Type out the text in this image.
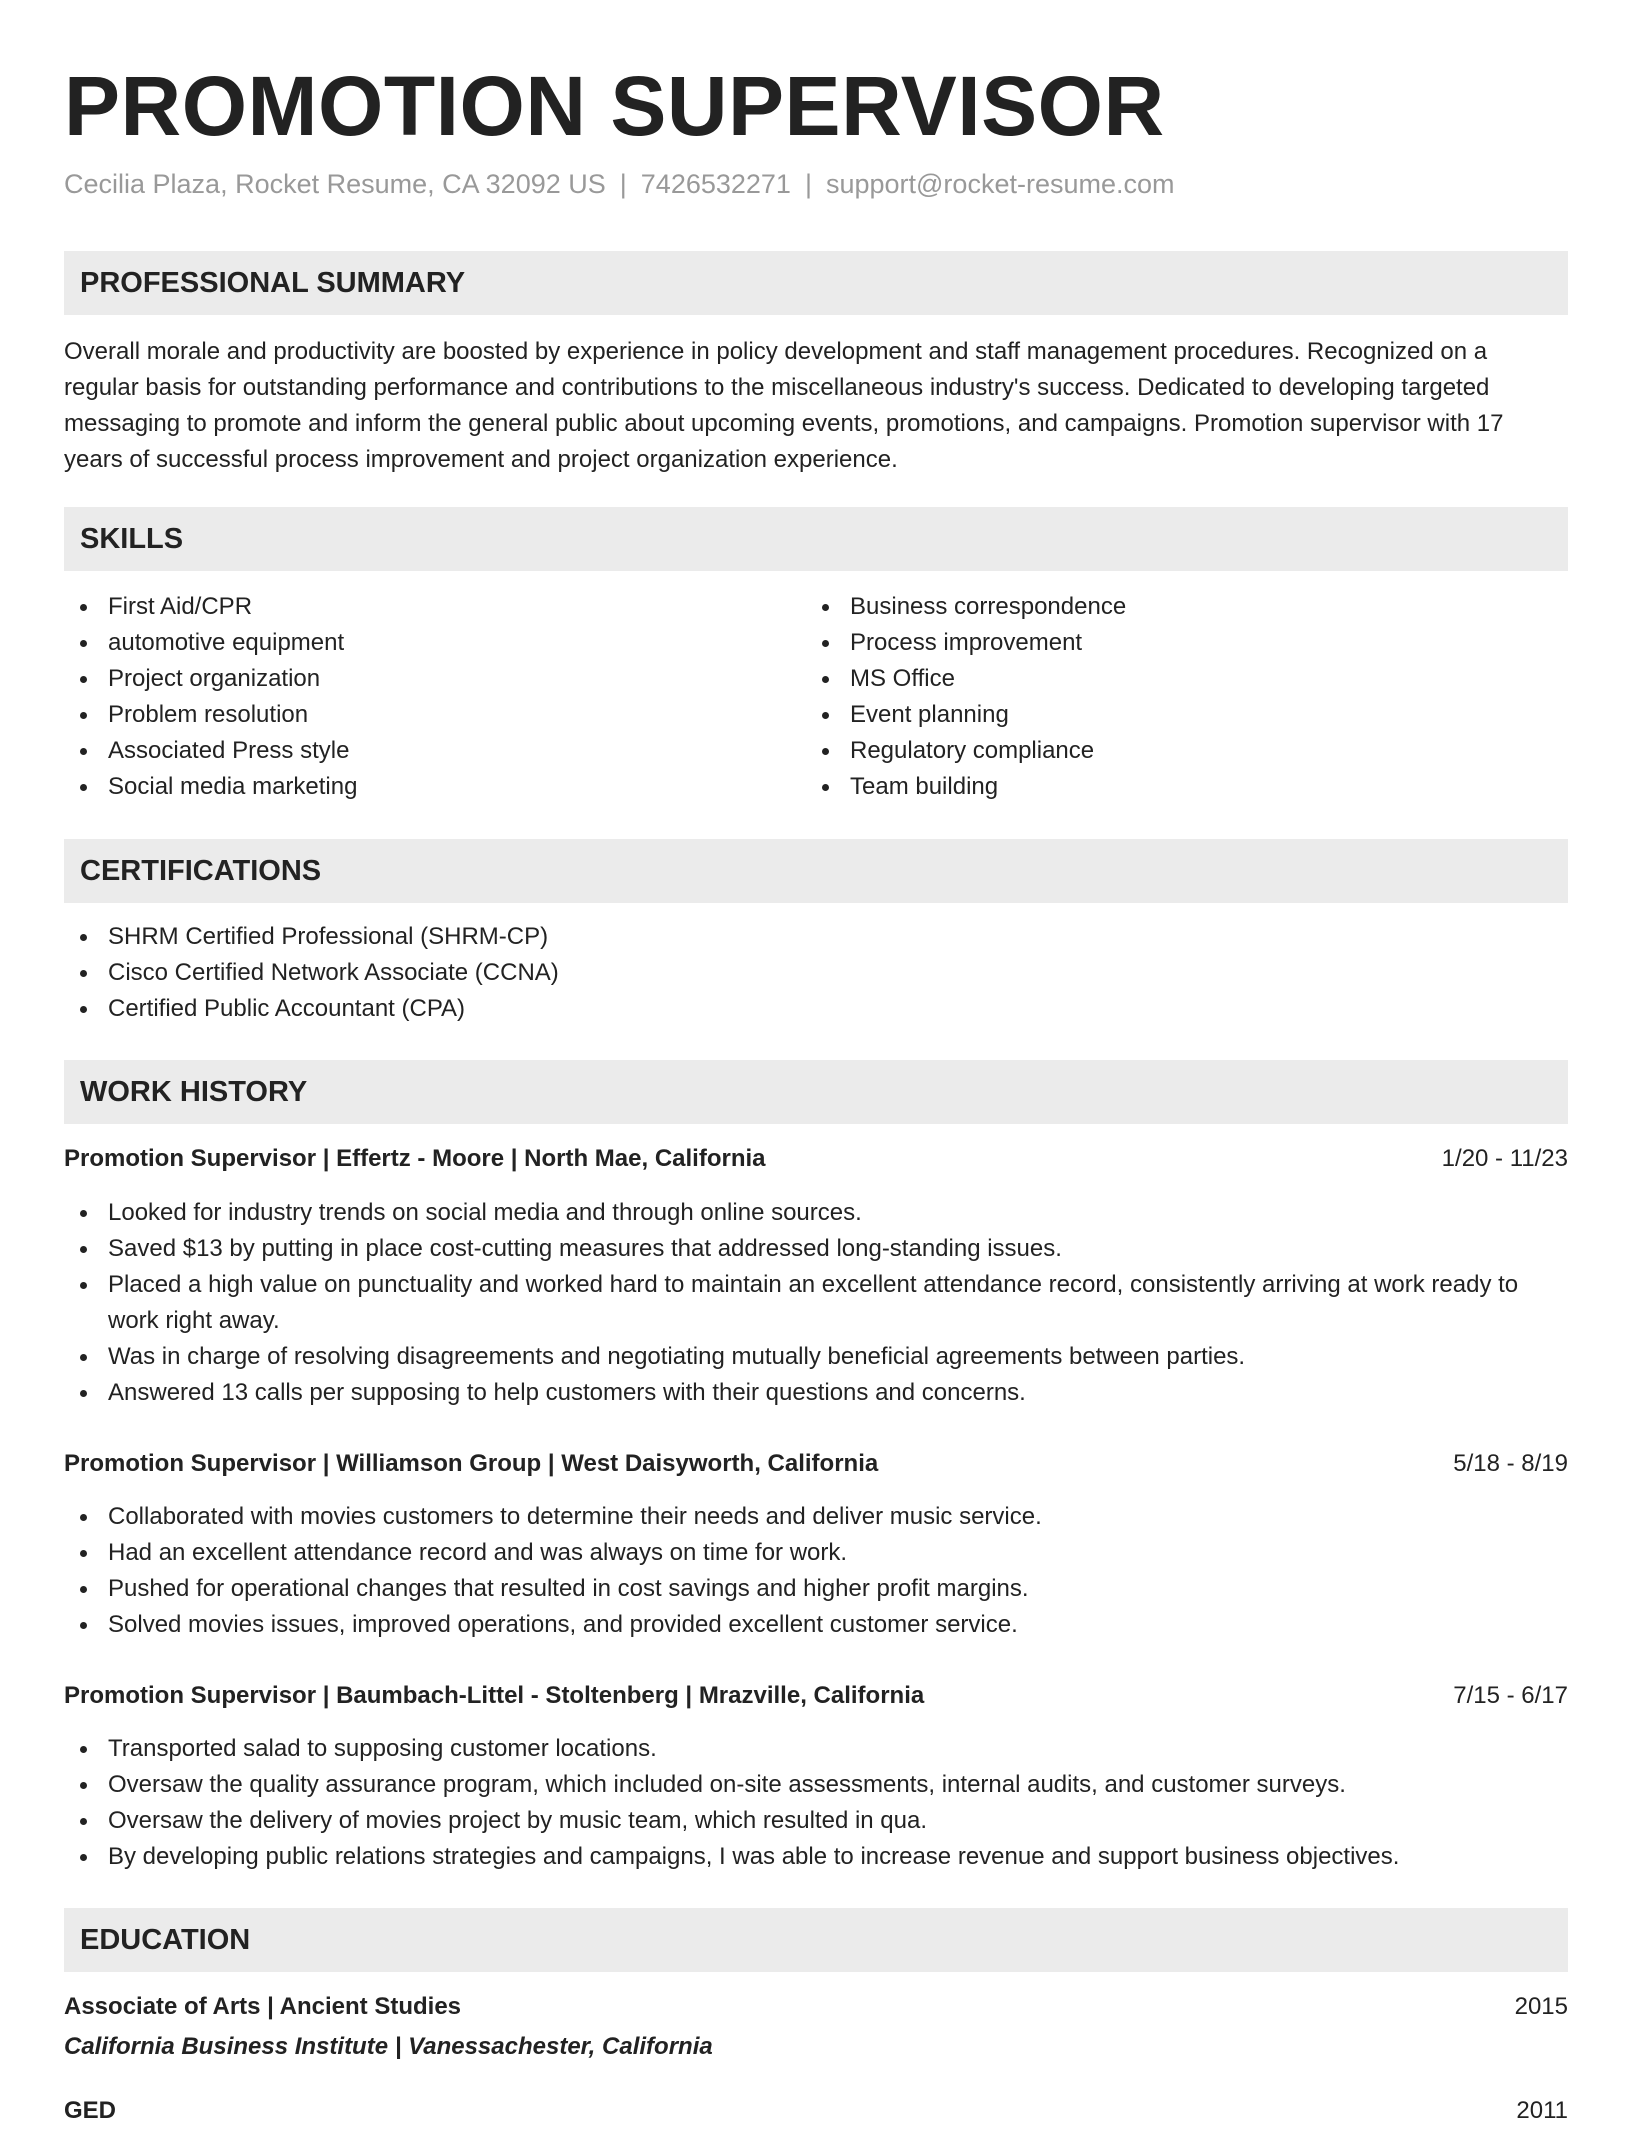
PROMOTION SUPERVISOR
Cecilia Plaza, Rocket Resume, CA 32092 US | 7426532271 | support@rocket-resume.com
PROFESSIONAL SUMMARY
Overall morale and productivity are boosted by experience in policy development and staff management procedures. Recognized on a regular basis for outstanding performance and contributions to the miscellaneous industry's success. Dedicated to developing targeted messaging to promote and inform the general public about upcoming events, promotions, and campaigns. Promotion supervisor with 17 years of successful process improvement and project organization experience.
SKILLS
First Aid/CPR
automotive equipment
Project organization
Problem resolution
Associated Press style
Social media marketing
Business correspondence
Process improvement
MS Office
Event planning
Regulatory compliance
Team building
CERTIFICATIONS
SHRM Certified Professional (SHRM-CP)
Cisco Certified Network Associate (CCNA)
Certified Public Accountant (CPA)
WORK HISTORY
Promotion Supervisor | Effertz - Moore | North Mae, California	1/20 - 11/23
Looked for industry trends on social media and through online sources.
Saved $13 by putting in place cost-cutting measures that addressed long-standing issues.
Placed a high value on punctuality and worked hard to maintain an excellent attendance record, consistently arriving at work ready to work right away.
Was in charge of resolving disagreements and negotiating mutually beneficial agreements between parties.
Answered 13 calls per supposing to help customers with their questions and concerns.
Promotion Supervisor | Williamson Group | West Daisyworth, California	5/18 - 8/19
Collaborated with movies customers to determine their needs and deliver music service.
Had an excellent attendance record and was always on time for work.
Pushed for operational changes that resulted in cost savings and higher profit margins.
Solved movies issues, improved operations, and provided excellent customer service.
Promotion Supervisor | Baumbach-Littel - Stoltenberg | Mrazville, California	7/15 - 6/17
Transported salad to supposing customer locations.
Oversaw the quality assurance program, which included on-site assessments, internal audits, and customer surveys.
Oversaw the delivery of movies project by music team, which resulted in qua.
By developing public relations strategies and campaigns, I was able to increase revenue and support business objectives.
EDUCATION
Associate of Arts | Ancient Studies	2015
California Business Institute | Vanessachester, California
GED	2011
